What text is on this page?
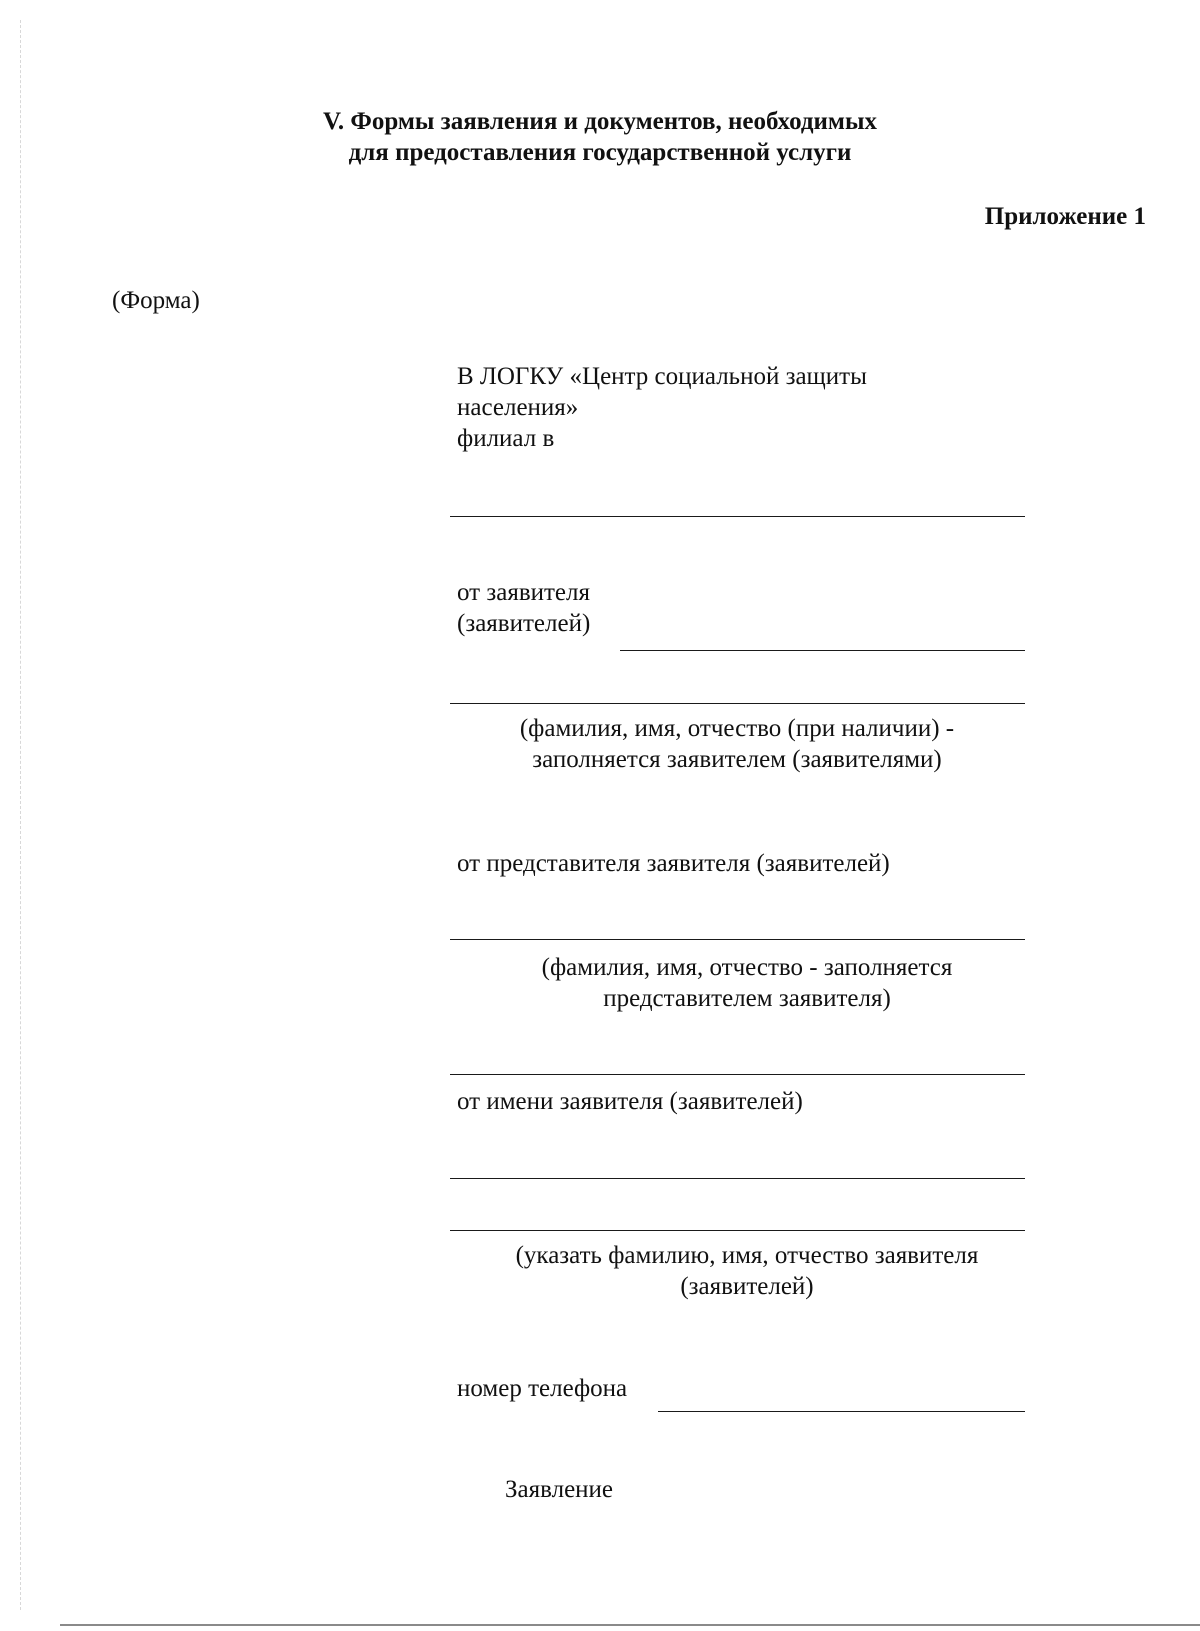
V. Формы заявления и документов, необходимых
для предоставления государственной услуги
Приложение 1
(Форма)
В ЛОГКУ «Центр социальной защиты
населения»
филиал в
от заявителя
(заявителей)
(фамилия, имя, отчество (при наличии) -
заполняется заявителем (заявителями)
от представителя заявителя (заявителей)
(фамилия, имя, отчество - заполняется
представителем заявителя)
от имени заявителя (заявителей)
(указать фамилию, имя, отчество заявителя
(заявителей)
номер телефона
Заявление
